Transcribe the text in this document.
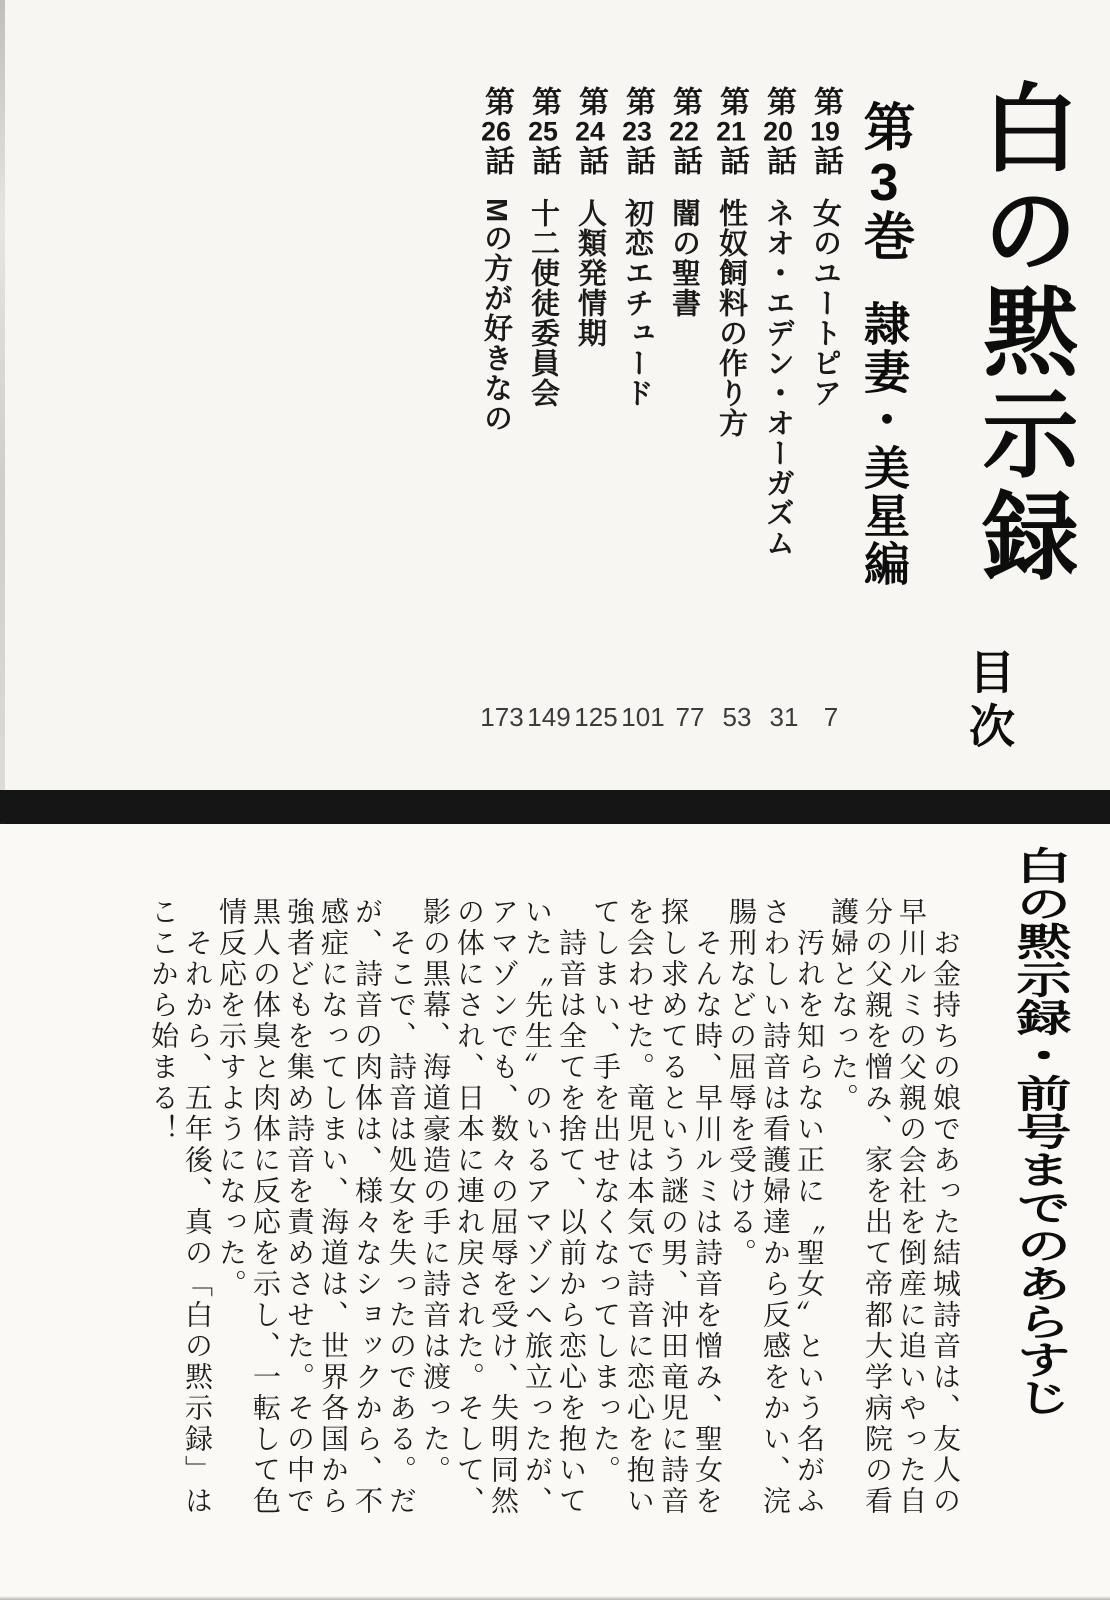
白の黙示録
第3巻隷妻・美星編
第19話
第20話
第21話
第22話
第23話
第24話
第25話
第26話
女のユートピア
ネオ・エデン・オーガズム
性奴飼料の作り方
闇の聖書
初恋エチュード
人類発情期
十二使徒委員会
Mの方が好きなの
目次
7
31
53
77
101
125
149
173
白の黙示録・前号までのあらすじ
　お金持ちの娘であった結城詩音は、友人の
早川ルミの父親の会社を倒産に追いやった自
分の父親を憎み、家を出て帝都大学病院の看
護婦となった。
　汚れを知らない正に〝聖女〟という名がふ
さわしい詩音は看護婦達から反感をかい、浣
腸刑などの屈辱を受ける。
　そんな時、早川ルミは詩音を憎み、聖女を
探し求めてるという謎の男、沖田竜児に詩音
を会わせた。竜児は本気で詩音に恋心を抱い
てしまい、手を出せなくなってしまった。
　詩音は全てを捨て、以前から恋心を抱いて
いた〝先生〟のいるアマゾンへ旅立ったが、
アマゾンでも、数々の屈辱を受け、失明同然
の体にされ、日本に連れ戻された。そして、
影の黒幕、海道豪造の手に詩音は渡った。
　そこで、詩音は処女を失ったのである。だ
が、詩音の肉体は、様々なショックから、不
感症になってしまい、海道は、世界各国から
強者どもを集め詩音を責めさせた。その中で
黒人の体臭と肉体に反応を示し、一転して色
情反応を示すようになった。
　それから、五年後、真の「白の黙示録」は
ここから始まる！
